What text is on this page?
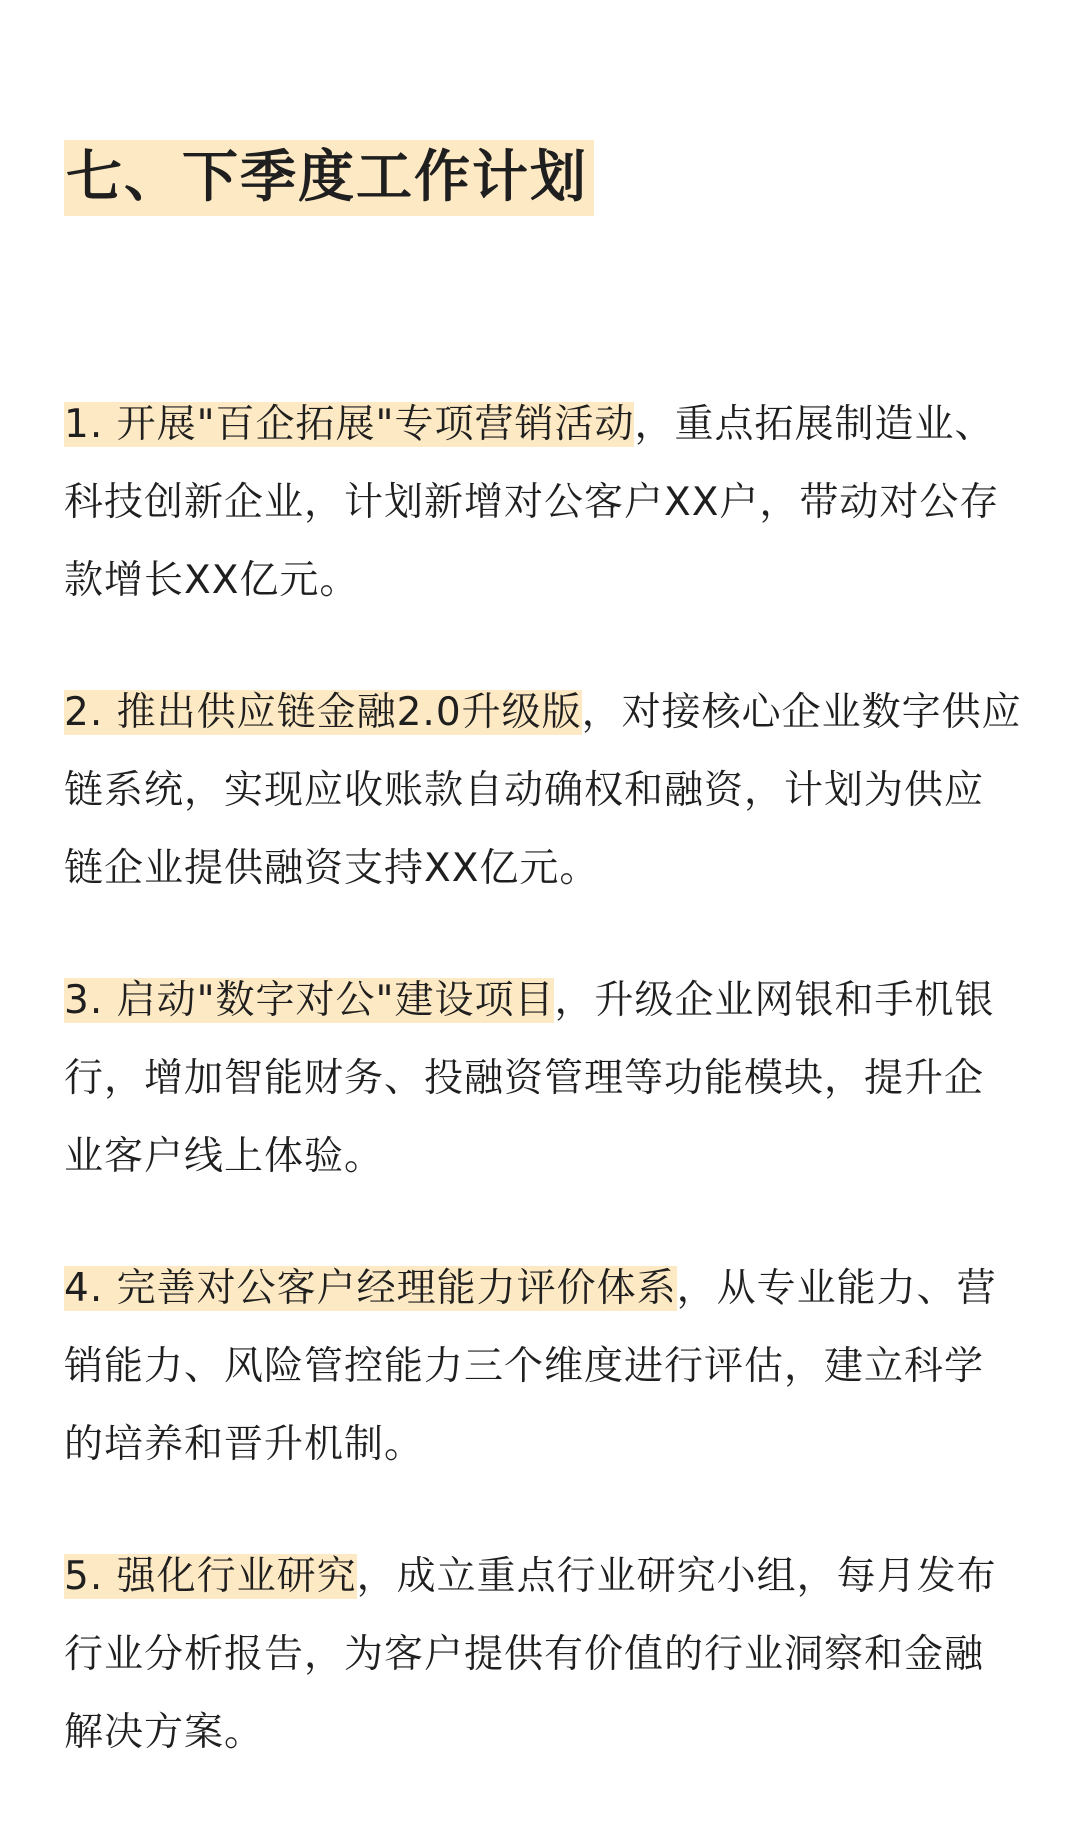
七、下季度工作计划

1. 开展"百企拓展"专项营销活动，重点拓展制造业、科技创新企业，计划新增对公客户XX户，带动对公存款增长XX亿元。

2. 推出供应链金融2.0升级版，对接核心企业数字供应链系统，实现应收账款自动确权和融资，计划为供应链企业提供融资支持XX亿元。

3. 启动"数字对公"建设项目，升级企业网银和手机银行，增加智能财务、投融资管理等功能模块，提升企业客户线上体验。

4. 完善对公客户经理能力评价体系，从专业能力、营销能力、风险管控能力三个维度进行评估，建立科学的培养和晋升机制。

5. 强化行业研究，成立重点行业研究小组，每月发布行业分析报告，为客户提供有价值的行业洞察和金融解决方案。
